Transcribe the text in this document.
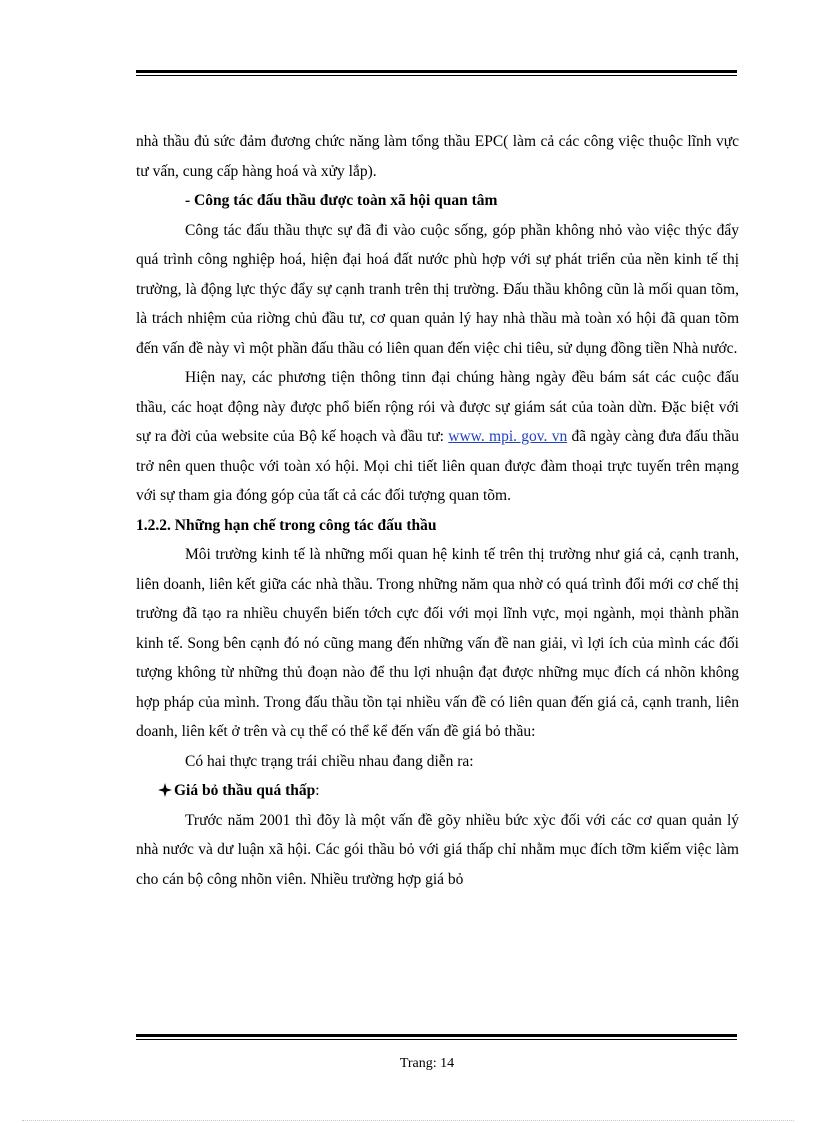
nhà thầu đủ sức đảm đương chức năng làm tổng thầu EPC( làm cả các công việc thuộc lĩnh vực tư vấn, cung cấp hàng hoá và xửy lắp).

- Công tác đấu thầu được toàn xã hội quan tâm

Công tác đấu thầu thực sự đã đi vào cuộc sống, góp phần không nhỏ vào việc thýc đẩy quá trình công nghiệp hoá, hiện đại hoá đất nước phù hợp với sự phát triển của nền kinh tế thị trường, là động lực thýc đẩy sự cạnh tranh trên thị trường. Đấu thầu không cũn là mối quan tõm, là trách nhiệm của riờng chủ đầu tư, cơ quan quản lý hay nhà thầu mà toàn xó hội đã quan tõm đến vấn đề này vì một phần đấu thầu có liên quan đến việc chi tiêu, sử dụng đồng tiền Nhà nước.

Hiện nay, các phương tiện thông tinn đại chúng hàng ngày đều bám sát các cuộc đấu thầu, các hoạt động này được phổ biến rộng rói và được sự giám sát của toàn dừn. Đặc biệt với sự ra đời của website của Bộ kế hoạch và đầu tư: www. mpi. gov. vn đã ngày càng đưa đấu thầu trở nên quen thuộc với toàn xó hội. Mọi chi tiết liên quan được đàm thoại trực tuyến trên mạng với sự tham gia đóng góp của tất cả các đối tượng quan tõm.

1.2.2. Những hạn chế trong công tác đấu thầu

Môi trường kinh tế là những mối quan hệ kinh tế trên thị trường như giá cả, cạnh tranh, liên doanh, liên kết giữa các nhà thầu. Trong những năm qua nhờ có quá trình đổi mới cơ chế thị trường đã tạo ra nhiều chuyển biến tớch cực đối với mọi lĩnh vực, mọi ngành, mọi thành phần kinh tế. Song bên cạnh đó nó cũng mang đến những vấn đề nan giải, vì lợi ích của mình các đối tượng không từ những thủ đoạn nào để thu lợi nhuận đạt được những mục đích cá nhõn không hợp pháp của mình. Trong đấu thầu tồn tại nhiều vấn đề có liên quan đến giá cả, cạnh tranh, liên doanh, liên kết ở trên và cụ thể có thể kể đến vấn đề giá bỏ thầu:

Có hai thực trạng trái chiều nhau đang diễn ra:

Giá bỏ thầu quá thấp:

Trước năm 2001 thì đõy là một vấn đề gõy nhiều bức xỳc đối với các cơ quan quản lý nhà nước và dư luận xã hội. Các gói thầu bỏ với giá thấp chỉ nhằm mục đích tỡm kiếm việc làm cho cán bộ công nhõn viên. Nhiều trường hợp giá bỏ

Trang: 14
